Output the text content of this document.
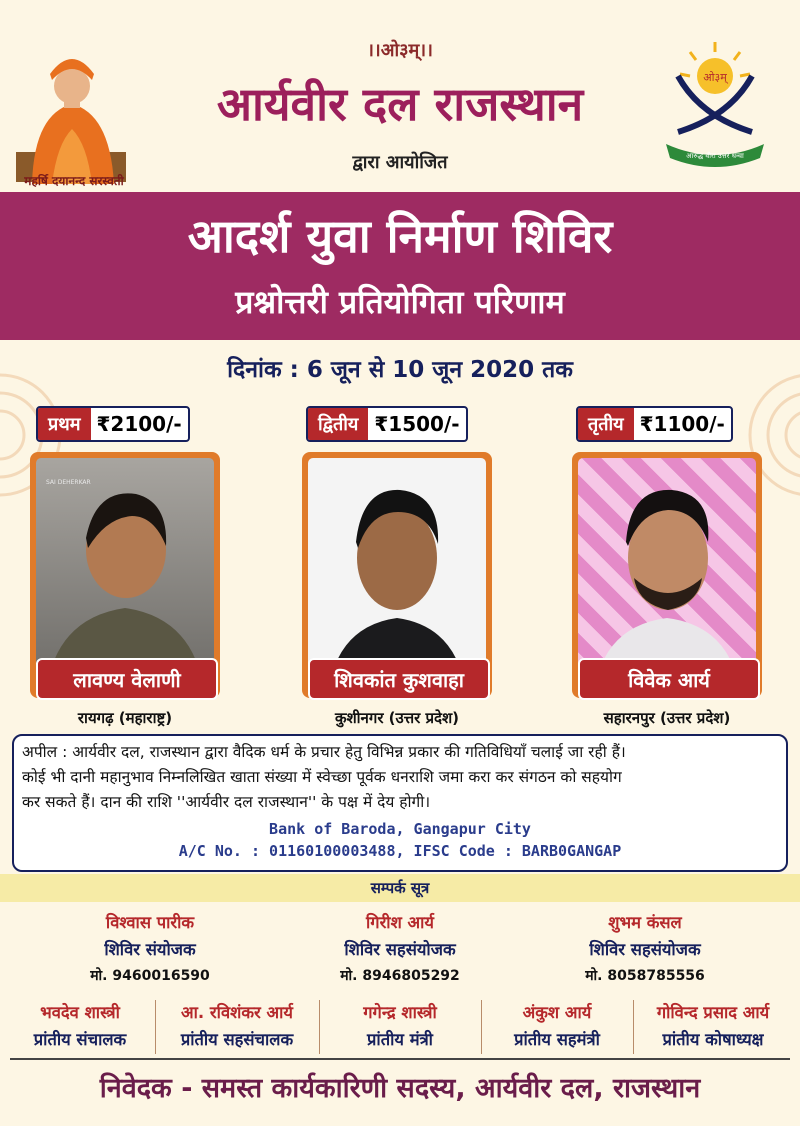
।।ओ३म्।।
आर्यवीर दल राजस्थान
द्वारा आयोजित
महर्षि दयानन्द सरस्वती
ओ३म्
आरुद्ध वीरा उत्तरे धन्वा
आदर्श युवा निर्माण शिविर
प्रश्नोत्तरी प्रतियोगिता परिणाम
दिनांक : 6 जून से 10 जून 2020 तक
प्रथम ₹2100/-	द्वितीय ₹1500/-	तृतीय ₹1100/-
SAI DEHERKAR
लावण्य वेलाणी	शिवकांत कुशवाहा	विवेक आर्य
रायगढ़ (महाराष्ट्र)	कुशीनगर (उत्तर प्रदेश)	सहारनपुर (उत्तर प्रदेश)
अपील : आर्यवीर दल, राजस्थान द्वारा वैदिक धर्म के प्रचार हेतु विभिन्न प्रकार की गतिविधियाँ चलाई जा रही हैं।
कोई भी दानी महानुभाव निम्नलिखित खाता संख्या में स्वेच्छा पूर्वक धनराशि जमा करा कर संगठन को सहयोग
कर सकते हैं। दान की राशि ''आर्यवीर दल राजस्थान'' के पक्ष में देय होगी।
Bank of Baroda, Gangapur City
A/C No. : 01160100003488, IFSC Code : BARB0GANGAP
सम्पर्क सूत्र
विश्वास पारीक
शिविर संयोजक
मो. 9460016590
गिरीश आर्य
शिविर सहसंयोजक
मो. 8946805292
शुभम कंसल
शिविर सहसंयोजक
मो. 8058785556
भवदेव शास्त्री
प्रांतीय संचालक
आ. रविशंकर आर्य
प्रांतीय सहसंचालक
गगेन्द्र शास्त्री
प्रांतीय मंत्री
अंकुश आर्य
प्रांतीय सहमंत्री
गोविन्द प्रसाद आर्य
प्रांतीय कोषाध्यक्ष
निवेदक - समस्त कार्यकारिणी सदस्य, आर्यवीर दल, राजस्थान
